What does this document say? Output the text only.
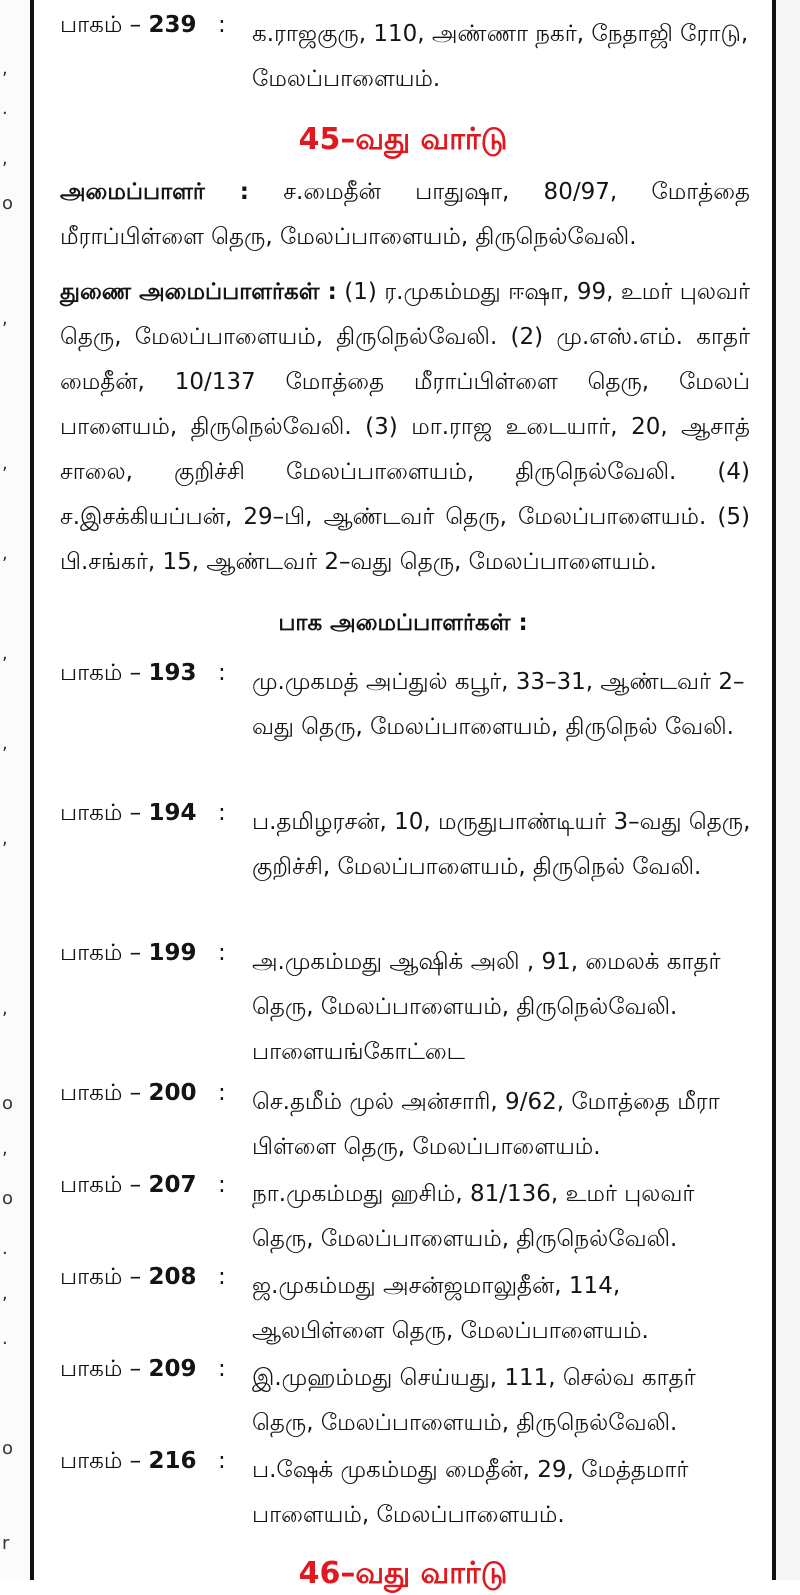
,
.
,
o
,
,
,
,
,
,
,
o
,
o
.
,
.
o
r
பாகம் – 239 : க.ராஜகுரு, 110, அண்ணா நகர், நேதாஜி ரோடு, மேலப்பாளையம்.
45–வது வார்டு
அமைப்பாளர் : ச.மைதீன் பாதுஷா, 80/97, மோத்தை மீராப்பிள்ளை தெரு, மேலப்பாளையம், திருநெல்வேலி.
துணை அமைப்பாளர்கள் : (1) ர.முகம்மது ஈஷா, 99, உமர் புலவர் தெரு, மேலப்பாளையம், திருநெல்வேலி. (2) மு.எஸ்.எம். காதர் மைதீன், 10/137 மோத்தை மீராப்பிள்ளை தெரு, மேலப் பாளையம், திருநெல்வேலி. (3) மா.ராஜ உடையார், 20, ஆசாத் சாலை, குறிச்சி மேலப்பாளையம், திருநெல்வேலி. (4) ச.இசக்கியப்பன், 29–பி, ஆண்டவர் தெரு, மேலப்பாளையம். (5) பி.சங்கர், 15, ஆண்டவர் 2–வது தெரு, மேலப்பாளையம்.
பாக அமைப்பாளர்கள் :
பாகம் – 193 : மு.முகமத் அப்துல் கபூர், 33–31, ஆண்டவர் 2–வது தெரு, மேலப்பாளையம், திருநெல் வேலி.
பாகம் – 194 : ப.தமிழரசன், 10, மருதுபாண்டியர் 3–வது தெரு, குறிச்சி, மேலப்பாளையம், திருநெல் வேலி.
பாகம் – 199 : அ.முகம்மது ஆஷிக் அலி , 91, மைலக் காதர் தெரு, மேலப்பாளையம், திருநெல்வேலி. பாளையங்கோட்டை
பாகம் – 200 : செ.தமீம் முல் அன்சாரி, 9/62, மோத்தை மீரா பிள்ளை தெரு, மேலப்பாளையம்.
பாகம் – 207 : நா.முகம்மது ஹசிம், 81/136, உமர் புலவர் தெரு, மேலப்பாளையம், திருநெல்வேலி.
பாகம் – 208 : ஜ.முகம்மது அசன்ஜமாலுதீன், 114, ஆலபிள்ளை தெரு, மேலப்பாளையம்.
பாகம் – 209 : இ.முஹம்மது செய்யது, 111, செல்வ காதர் தெரு, மேலப்பாளையம், திருநெல்வேலி.
பாகம் – 216 : ப.ஷேக் முகம்மது மைதீன், 29, மேத்தமார் பாளையம், மேலப்பாளையம்.
46–வது வார்டு
